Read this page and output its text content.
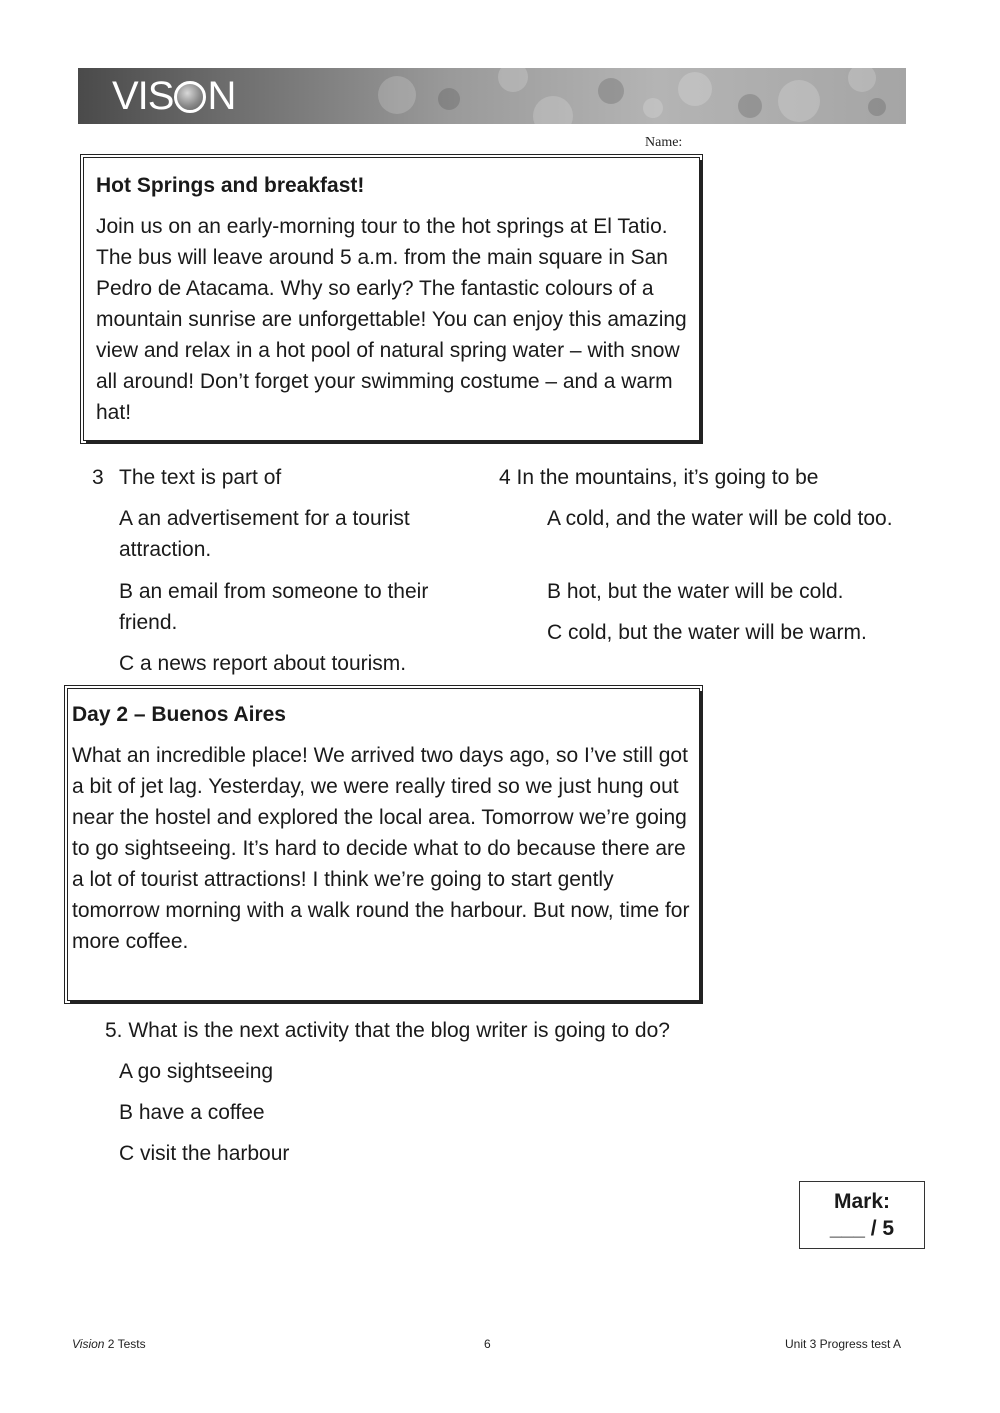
VIS N
Name:

Hot Springs and breakfast!

Join us on an early-morning tour to the hot springs at El Tatio. The bus will leave around 5 a.m. from the main square in San Pedro de Atacama. Why so early? The fantastic colours of a mountain sunrise are unforgettable! You can enjoy this amazing view and relax in a hot pool of natural spring water – with snow all around! Don’t forget your swimming costume – and a warm hat!

3 The text is part of
A an advertisement for a tourist attraction.
B an email from someone to their friend.
C a news report about tourism.
4 In the mountains, it’s going to be
A cold, and the water will be cold too.
B hot, but the water will be cold.
C cold, but the water will be warm.

Day 2 – Buenos Aires

What an incredible place! We arrived two days ago, so I’ve still got a bit of jet lag. Yesterday, we were really tired so we just hung out near the hostel and explored the local area. Tomorrow we’re going to go sightseeing. It’s hard to decide what to do because there are a lot of tourist attractions! I think we’re going to start gently tomorrow morning with a walk round the harbour. But now, time for more coffee.

5. What is the next activity that the blog writer is going to do?
A go sightseeing
B have a coffee
C visit the harbour
Mark:
___ / 5
Vision 2 Tests	6	Unit 3 Progress test A
